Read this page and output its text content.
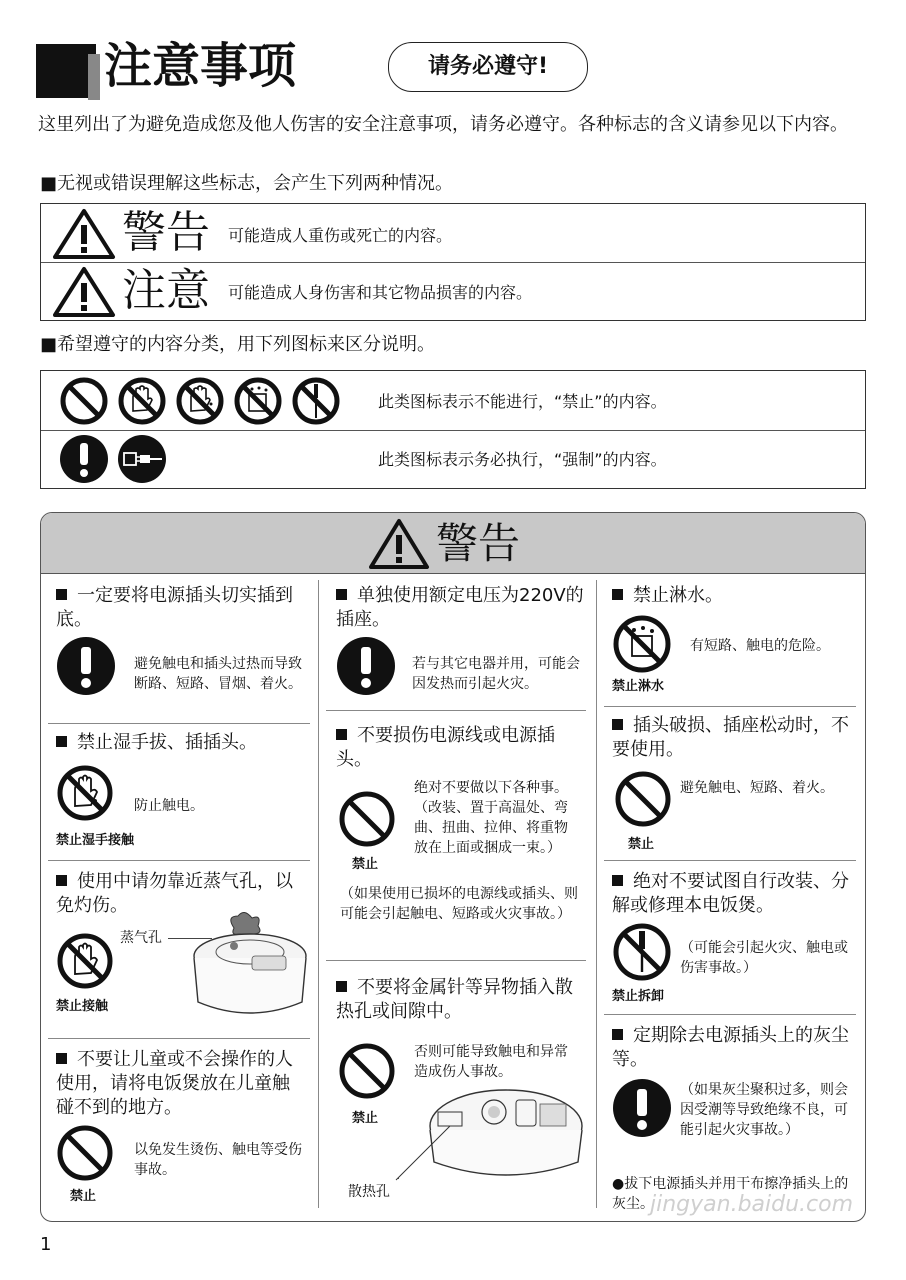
注意事项	请务必遵守!
这里列出了为避免造成您及他人伤害的安全注意事项，请务必遵守。各种标志的含义请参见以下内容。
■无视或错误理解这些标志，会产生下列两种情况。
警告 可能造成人重伤或死亡的内容。
注意 可能造成人身伤害和其它物品损害的内容。
■希望遵守的内容分类，用下列图标来区分说明。
此类图标表示不能进行，“禁止”的内容。
此类图标表示务必执行，“强制”的内容。
警告
一定要将电源插头切实插到底。
避免触电和插头过热而导致断路、短路、冒烟、着火。
禁止湿手拔、插插头。
防止触电。
禁止湿手接触
使用中请勿靠近蒸气孔，以免灼伤。
蒸气孔
禁止接触
不要让儿童或不会操作的人使用，请将电饭煲放在儿童触碰不到的地方。
以免发生烫伤、触电等受伤事故。
禁止
单独使用额定电压为220V的插座。
若与其它电器并用，可能会因发热而引起火灾。
不要损伤电源线或电源插头。
绝对不要做以下各种事。（改装、置于高温处、弯曲、扭曲、拉伸、将重物放在上面或捆成一束。）
禁止
（如果使用已损坏的电源线或插头、则可能会引起触电、短路或火灾事故。）
不要将金属针等异物插入散热孔或间隙中。
否则可能导致触电和异常造成伤人事故。
禁止
散热孔
禁止淋水。
有短路、触电的危险。
禁止淋水
插头破损、插座松动时，不要使用。
避免触电、短路、着火。
禁止
绝对不要试图自行改装、分解或修理本电饭煲。
（可能会引起火灾、触电或伤害事故。）
禁止拆卸
定期除去电源插头上的灰尘等。
（如果灰尘聚积过多，则会因受潮等导致绝缘不良，可能引起火灾事故。）
●拔下电源插头并用干布擦净插头上的灰尘。
jingyan.baidu.com
1
